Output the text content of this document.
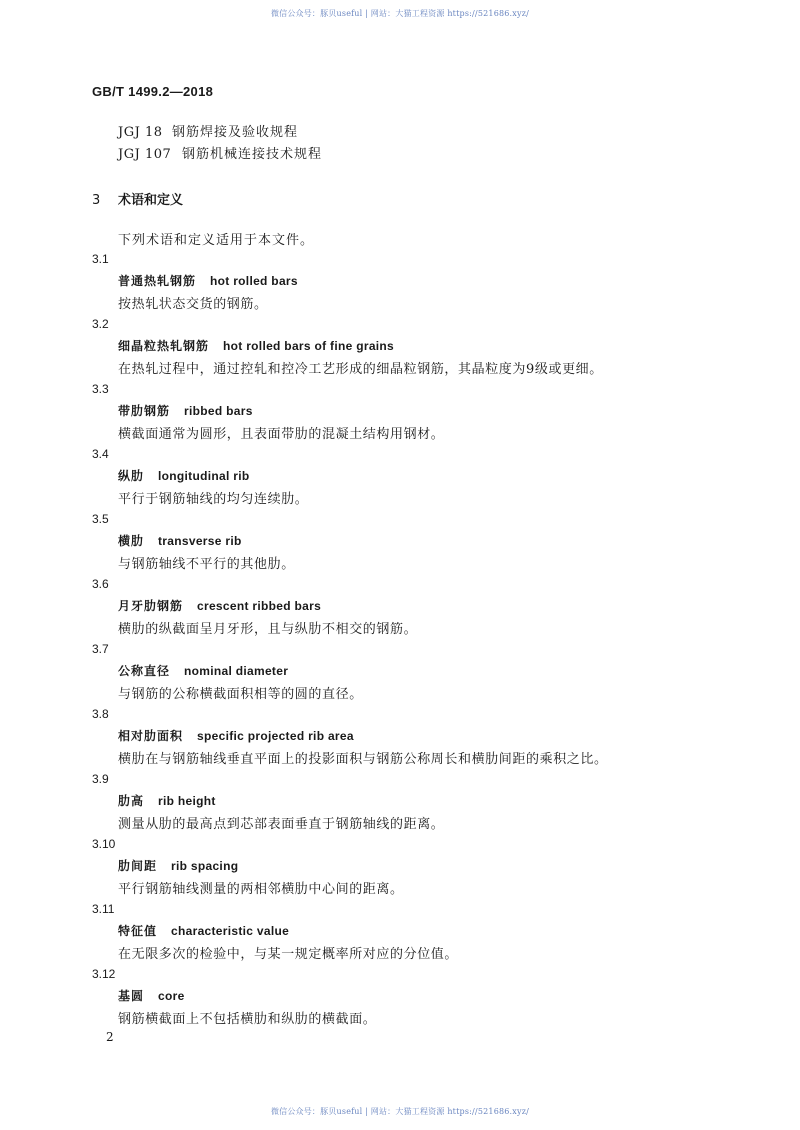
微信公众号：豚贝useful | 网站：大猫工程资源 https://521686.xyz/
GB/T 1499.2—2018
JGJ 18 钢筋焊接及验收规程
JGJ 107 钢筋机械连接技术规程
3 术语和定义
下列术语和定义适用于本文件。
3.1
普通热轧钢筋 hot rolled bars
按热轧状态交货的钢筋。
3.2
细晶粒热轧钢筋 hot rolled bars of fine grains
在热轧过程中，通过控轧和控冷工艺形成的细晶粒钢筋，其晶粒度为9级或更细。
3.3
带肋钢筋 ribbed bars
横截面通常为圆形，且表面带肋的混凝土结构用钢材。
3.4
纵肋 longitudinal rib
平行于钢筋轴线的均匀连续肋。
3.5
横肋 transverse rib
与钢筋轴线不平行的其他肋。
3.6
月牙肋钢筋 crescent ribbed bars
横肋的纵截面呈月牙形，且与纵肋不相交的钢筋。
3.7
公称直径 nominal diameter
与钢筋的公称横截面积相等的圆的直径。
3.8
相对肋面积 specific projected rib area
横肋在与钢筋轴线垂直平面上的投影面积与钢筋公称周长和横肋间距的乘积之比。
3.9
肋高 rib height
测量从肋的最高点到芯部表面垂直于钢筋轴线的距离。
3.10
肋间距 rib spacing
平行钢筋轴线测量的两相邻横肋中心间的距离。
3.11
特征值 characteristic value
在无限多次的检验中，与某一规定概率所对应的分位值。
3.12
基圆 core
钢筋横截面上不包括横肋和纵肋的横截面。
2
微信公众号：豚贝useful | 网站：大猫工程资源 https://521686.xyz/
